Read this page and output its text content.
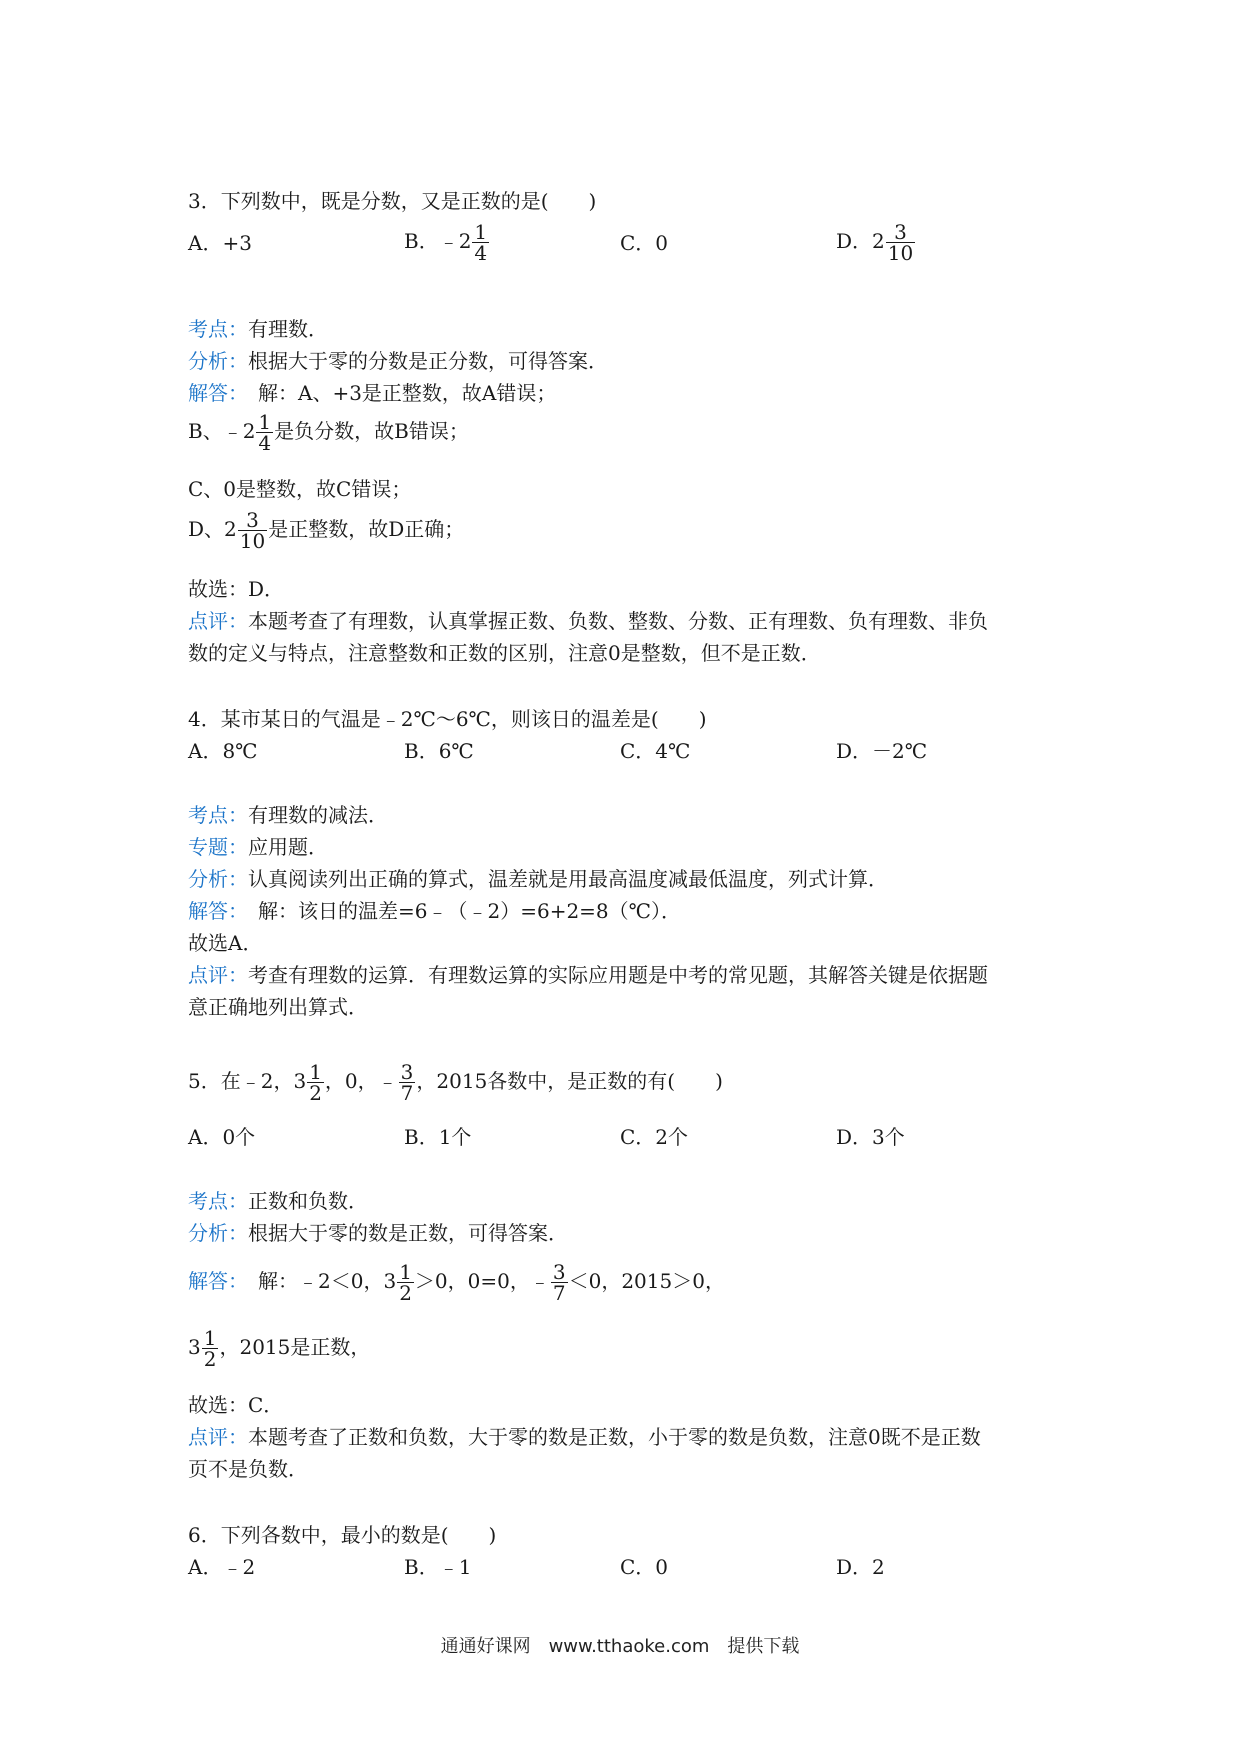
3．下列数中，既是分数，又是正数的是(　　)
A．+3	B．﹣2 $\frac{1}{4}$	C．0	D．$2 \frac{3}{10}$
考点：有理数．
分析：根据大于零的分数是正分数，可得答案．
解答：　解：A、+3是正整数，故A错误；
B、﹣2 $\frac{1}{4}$ 是负分数，故B错误；
C、0是整数，故C错误；
D、$2 \frac{3}{10}$ 是正整数，故D正确；
故选：D．
点评：本题考查了有理数，认真掌握正数、负数、整数、分数、正有理数、负有理数、非负
数的定义与特点，注意整数和正数的区别，注意0是整数，但不是正数．
4．某市某日的气温是﹣2℃～6℃，则该日的温差是(　　)
A．8℃	B．6℃	C．4℃	D．－2℃
考点：有理数的减法．
专题：应用题．
分析：认真阅读列出正确的算式，温差就是用最高温度减最低温度，列式计算．
解答：　解：该日的温差=6﹣（﹣2）=6+2=8（℃）．
故选A．
点评：考查有理数的运算．有理数运算的实际应用题是中考的常见题，其解答关键是依据题
意正确地列出算式．
5．在﹣2，$3 \frac{1}{2}$ ，0，﹣ $\frac{3}{7}$ ，2015各数中，是正数的有(　　)
A．0个	B．1个	C．2个	D．3个
考点：正数和负数．
分析：根据大于零的数是正数，可得答案．
解答：　解：﹣2＜0，$3 \frac{1}{2} >0$，0=0，﹣ $\frac{3}{7} <0$，2015＞0，
$3 \frac{1}{2}$ ，2015是正数，
故选：C．
点评：本题考查了正数和负数，大于零的数是正数，小于零的数是负数，注意0既不是正数
页不是负数．
6．下列各数中，最小的数是(　　)
A．﹣2	B．﹣1	C．0	D．2
通通好课网　www.tthaoke.com　提供下载
